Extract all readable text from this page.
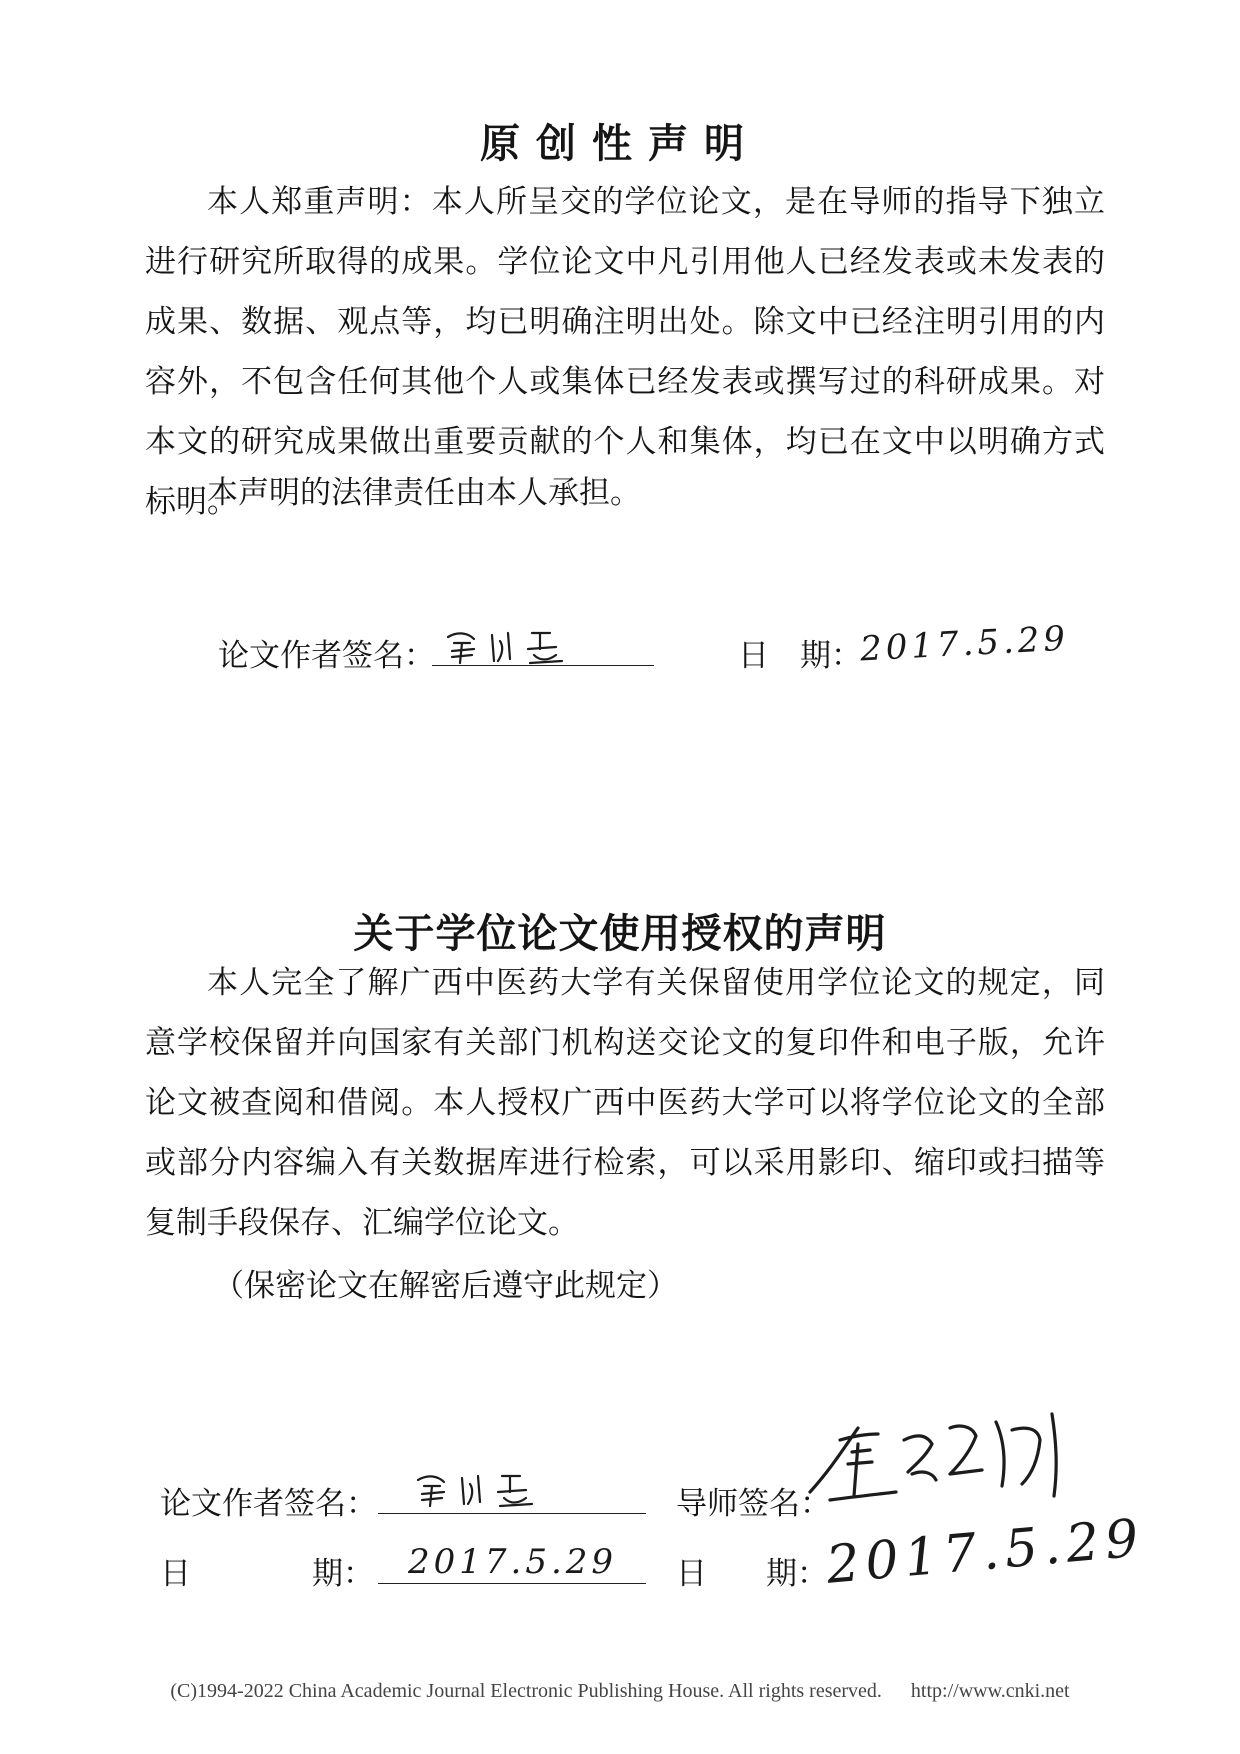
原创性声明

本人郑重声明：本人所呈交的学位论文，是在导师的指导下独立进行研究所取得的成果。学位论文中凡引用他人已经发表或未发表的成果、数据、观点等，均已明确注明出处。除文中已经注明引用的内容外，不包含任何其他个人或集体已经发表或撰写过的科研成果。对本文的研究成果做出重要贡献的个人和集体，均已在文中以明确方式标明。

本声明的法律责任由本人承担。

论文作者签名：	日　期：
2017.5.29
关于学位论文使用授权的声明

本人完全了解广西中医药大学有关保留使用学位论文的规定，同意学校保留并向国家有关部门机构送交论文的复印件和电子版，允许论文被查阅和借阅。本人授权广西中医药大学可以将学位论文的全部或部分内容编入有关数据库进行检索，可以采用影印、缩印或扫描等复制手段保存、汇编学位论文。

（保密论文在解密后遵守此规定）

论文作者签名：	导师签名：
日	期： 2017.5.29 日 期：
2017.5.29
(C)1994-2022 China Academic Journal Electronic Publishing House. All rights reserved. http://www.cnki.net
